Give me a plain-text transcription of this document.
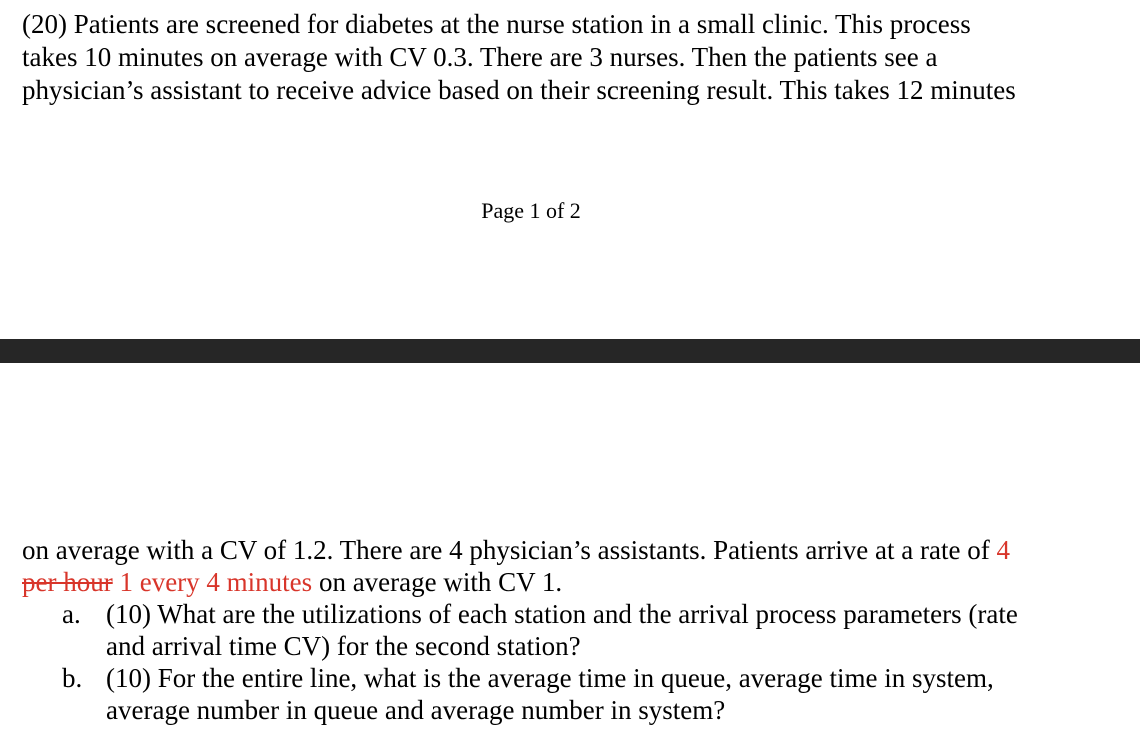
(20) Patients are screened for diabetes at the nurse station in a small clinic. This process
takes 10 minutes on average with CV 0.3. There are 3 nurses. Then the patients see a
physician’s assistant to receive advice based on their screening result. This takes 12 minutes
Page 1 of 2
on average with a CV of 1.2. There are 4 physician’s assistants. Patients arrive at a rate of 4
per hour 1 every 4 minutes on average with CV 1.
a. (10) What are the utilizations of each station and the arrival process parameters (rate
and arrival time CV) for the second station?
b. (10) For the entire line, what is the average time in queue, average time in system,
average number in queue and average number in system?
